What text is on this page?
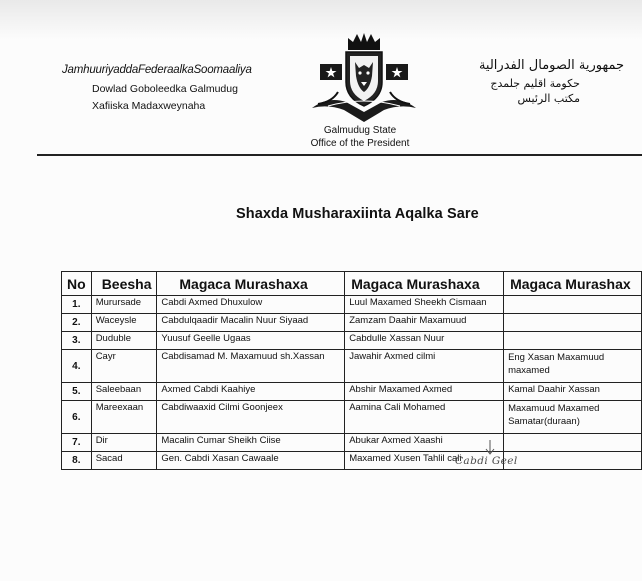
JamhuuriyaddaFederaalkaSoomaaliya
Dowlad Goboleedka Galmudug
Xafiiska Madaxweynaha
جمهورية الصومال الفدرالية
حكومة اقليم جلمدج
مكتب الرئيس
Galmudug State
Office of the President
Shaxda Musharaxiinta Aqalka Sare
No	Beesha	Magaca Murashaxa	Magaca Murashaxa	Magaca Murashax
1.	Murursade	Cabdi Axmed Dhuxulow	Luul Maxamed Sheekh Cismaan	
2.	Waceysle	Cabdulqaadir Macalin Nuur Siyaad	Zamzam Daahir Maxamuud	
3.	Duduble	Yuusuf Geelle Ugaas	Cabdulle Xassan Nuur	
4.	Cayr	Cabdisamad M. Maxamuud sh.Xassan	Jawahir Axmed cilmi	Eng Xasan Maxamuud maxamed
5.	Saleebaan	Axmed Cabdi Kaahiye	Abshir Maxamed Axmed	Kamal Daahir Xassan
6.	Mareexaan	Cabdiwaaxid Cilmi Goonjeex	Aamina Cali Mohamed	Maxamuud Maxamed Samatar(duraan)
7.	Dir	Macalin Cumar Sheikh Ciise	Abukar Axmed Xaashi	
8.	Sacad	Gen. Cabdi Xasan Cawaale	Maxamed Xusen Tahlil cali	
Cabdi Geel
